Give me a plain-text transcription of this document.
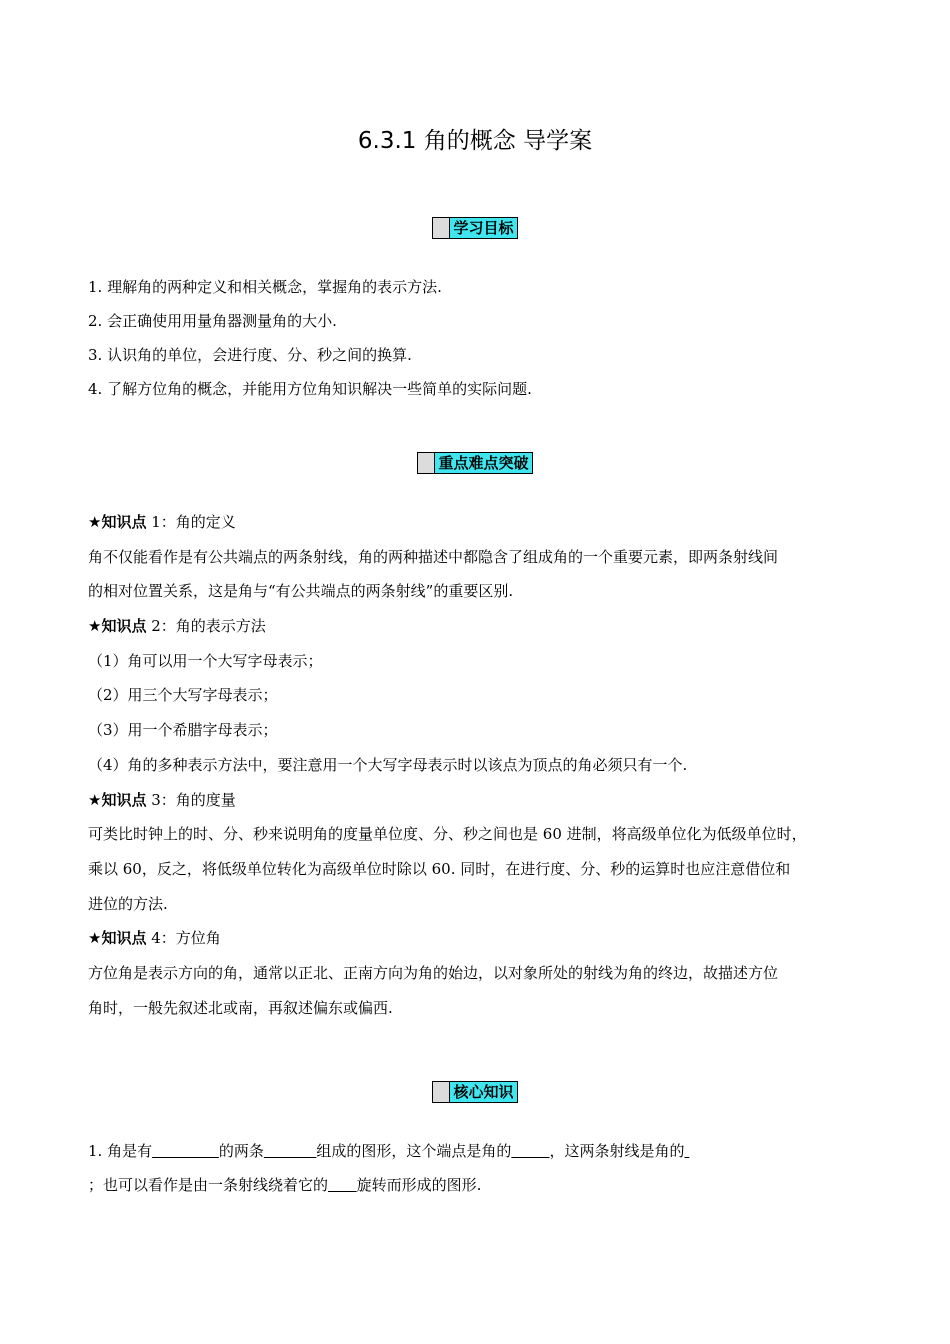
6.3.1 角的概念 导学案
学习目标
1. 理解角的两种定义和相关概念，掌握角的表示方法.
2. 会正确使用用量角器测量角的大小.
3. 认识角的单位，会进行度、分、秒之间的换算.
4. 了解方位角的概念，并能用方位角知识解决一些简单的实际问题.
重点难点突破
★知识点 1：角的定义
角不仅能看作是有公共端点的两条射线，角的两种描述中都隐含了组成角的一个重要元素，即两条射线间
的相对位置关系，这是角与“有公共端点的两条射线”的重要区别.
★知识点 2：角的表示方法
（1）角可以用一个大写字母表示；
（2）用三个大写字母表示；
（3）用一个希腊字母表示；
（4）角的多种表示方法中，要注意用一个大写字母表示时以该点为顶点的角必须只有一个.
★知识点 3：角的度量
可类比时钟上的时、分、秒来说明角的度量单位度、分、秒之间也是 60 进制，将高级单位化为低级单位时，
乘以 60，反之，将低级单位转化为高级单位时除以 60. 同时，在进行度、分、秒的运算时也应注意借位和
进位的方法.
★知识点 4：方位角
方位角是表示方向的角，通常以正北、正南方向为角的始边，以对象所处的射线为角的终边，故描述方位
角时，一般先叙述北或南，再叙述偏东或偏西.
核心知识
1. 角是有	的两条	组成的图形，这个端点是角的	，这两条射线是角的
；也可以看作是由一条射线绕着它的 旋转而形成的图形.
